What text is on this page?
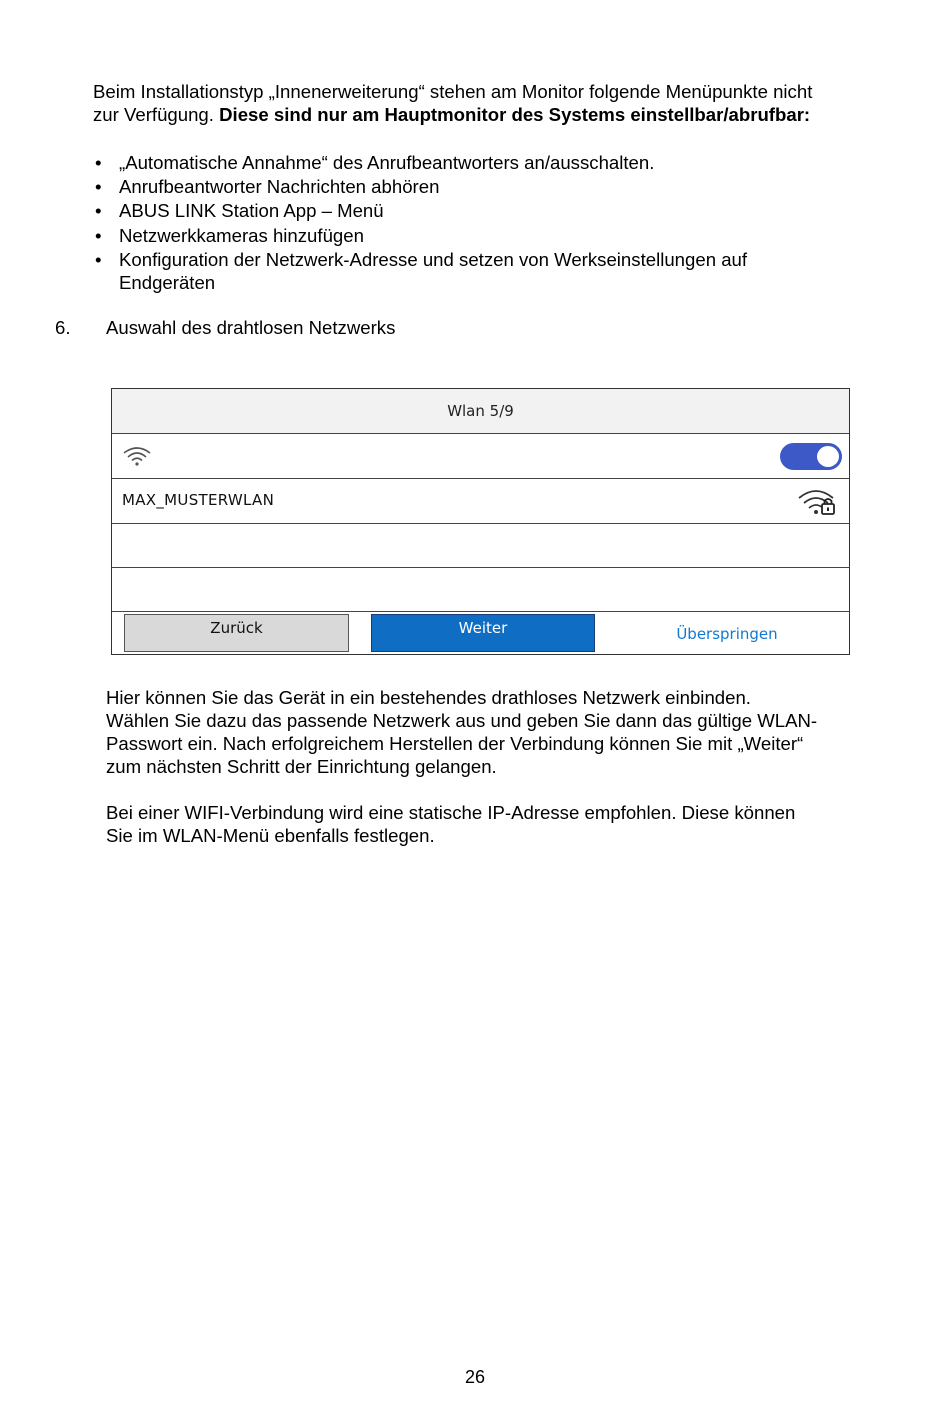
Beim Installationstyp „Innenerweiterung“ stehen am Monitor folgende Menüpunkte nicht
zur Verfügung. Diese sind nur am Hauptmonitor des Systems einstellbar/abrufbar:
• „Automatische Annahme“ des Anrufbeantworters an/ausschalten.
• Anrufbeantworter Nachrichten abhören
• ABUS LINK Station App – Menü
• Netzwerkkameras hinzufügen
• Konfiguration der Netzwerk-Adresse und setzen von Werkseinstellungen auf
Endgeräten
6. Auswahl des drahtlosen Netzwerks
Wlan 5/9
MAX_MUSTERWLAN
Zurück	Weiter	Überspringen
Hier können Sie das Gerät in ein bestehendes drathloses Netzwerk einbinden.
Wählen Sie dazu das passende Netzwerk aus und geben Sie dann das gültige WLAN-
Passwort ein. Nach erfolgreichem Herstellen der Verbindung können Sie mit „Weiter“
zum nächsten Schritt der Einrichtung gelangen.
Bei einer WIFI-Verbindung wird eine statische IP-Adresse empfohlen. Diese können
Sie im WLAN-Menü ebenfalls festlegen.
26
